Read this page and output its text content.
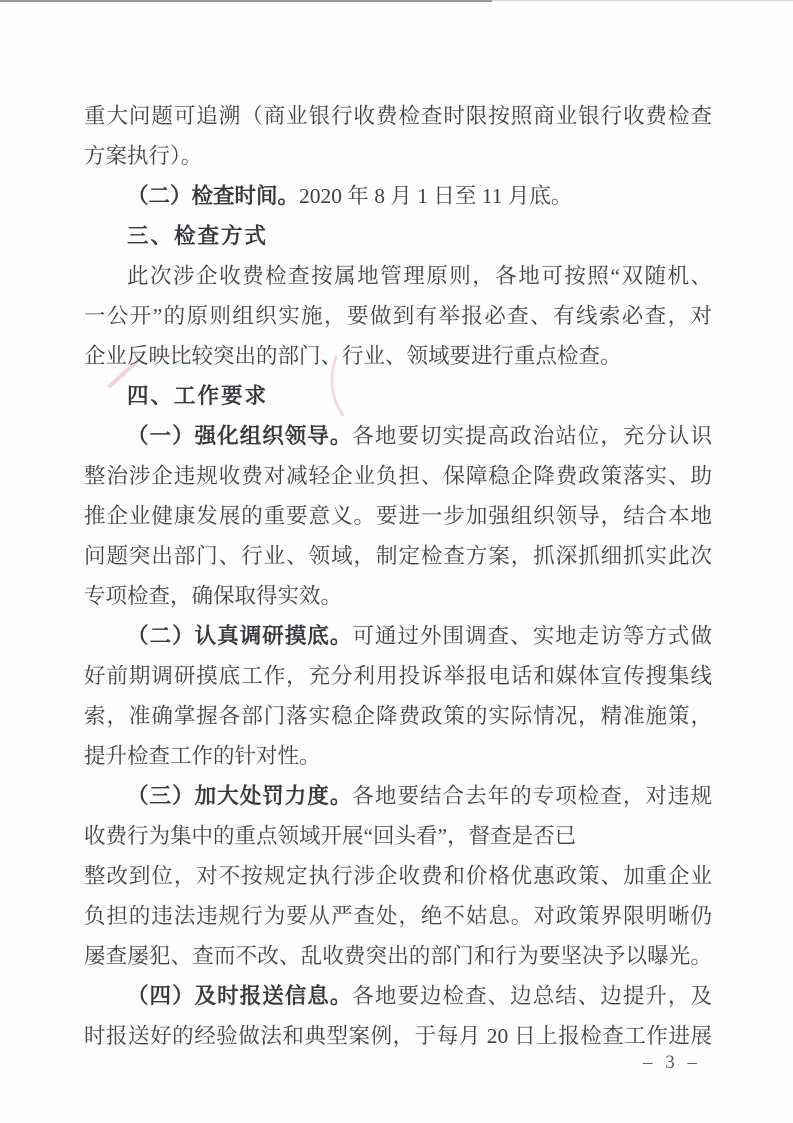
重大问题可追溯（商业银行收费检查时限按照商业银行收费检查
方案执行）。
（二）检查时间。2020 年 8 月 1 日至 11 月底。
三、检查方式
此次涉企收费检查按属地管理原则，各地可按照“双随机、
一公开”的原则组织实施，要做到有举报必查、有线索必查，对
企业反映比较突出的部门、行业、领域要进行重点检查。
四、工作要求
（一）强化组织领导。各地要切实提高政治站位，充分认识
整治涉企违规收费对减轻企业负担、保障稳企降费政策落实、助
推企业健康发展的重要意义。要进一步加强组织领导，结合本地
问题突出部门、行业、领域，制定检查方案，抓深抓细抓实此次
专项检查，确保取得实效。
（二）认真调研摸底。可通过外围调查、实地走访等方式做
好前期调研摸底工作，充分利用投诉举报电话和媒体宣传搜集线
索，准确掌握各部门落实稳企降费政策的实际情况，精准施策，
提升检查工作的针对性。
（三）加大处罚力度。各地要结合去年的专项检查，对违规
收费行为集中的重点领域开展“回头看”，督查是否已
整改到位，对不按规定执行涉企收费和价格优惠政策、加重企业
负担的违法违规行为要从严查处，绝不姑息。对政策界限明晰仍
屡查屡犯、查而不改、乱收费突出的部门和行为要坚决予以曝光。
（四）及时报送信息。各地要边检查、边总结、边提升，及
时报送好的经验做法和典型案例，于每月 20 日上报检查工作进展
– 3 –
